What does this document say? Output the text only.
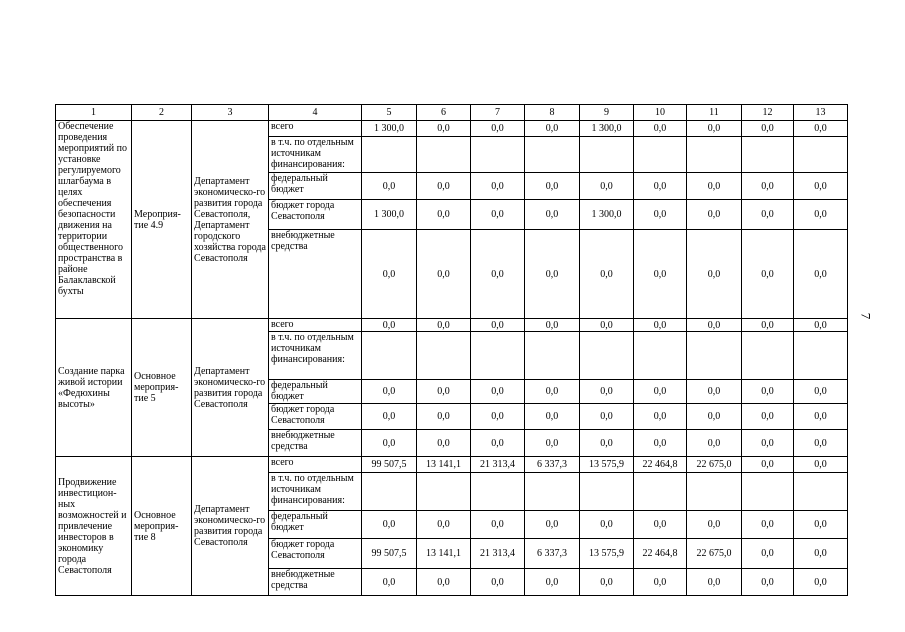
7
1	2	3	4	5	6	7	8	9	10	11	12	13
Обеспечение проведения мероприятий по установке регулируемого шлагбаума в целях обеспечения безопасности движения на территории общественного пространства в районе Балаклавской бухты	Мероприя-тие 4.9	Департамент экономическо-го развития города Севастополя, Департамент городского хозяйства города Севастополя	всего	1 300,0	0,0	0,0	0,0	1 300,0	0,0	0,0	0,0	0,0
			в т.ч. по отдельным источникам финансирования:									
			федеральный бюджет	0,0	0,0	0,0	0,0	0,0	0,0	0,0	0,0	0,0
			бюджет города Севастополя	1 300,0	0,0	0,0	0,0	1 300,0	0,0	0,0	0,0	0,0
			внебюджетные средства	0,0	0,0	0,0	0,0	0,0	0,0	0,0	0,0	0,0
Создание парка живой истории «Федюхины высоты»	Основное мероприя-тие 5	Департамент экономическо-го развития города Севастополя	всего	0,0	0,0	0,0	0,0	0,0	0,0	0,0	0,0	0,0
			в т.ч. по отдельным источникам финансирования:									
			федеральный бюджет	0,0	0,0	0,0	0,0	0,0	0,0	0,0	0,0	0,0
			бюджет города Севастополя	0,0	0,0	0,0	0,0	0,0	0,0	0,0	0,0	0,0
			внебюджетные средства	0,0	0,0	0,0	0,0	0,0	0,0	0,0	0,0	0,0
Продвижение инвестицион-ных возможностей и привлечение инвесторов в экономику города Севастополя	Основное мероприя-тие 8	Департамент экономическо-го развития города Севастополя	всего	99 507,5	13 141,1	21 313,4	6 337,3	13 575,9	22 464,8	22 675,0	0,0	0,0
			в т.ч. по отдельным источникам финансирования:									
			федеральный бюджет	0,0	0,0	0,0	0,0	0,0	0,0	0,0	0,0	0,0
			бюджет города Севастополя	99 507,5	13 141,1	21 313,4	6 337,3	13 575,9	22 464,8	22 675,0	0,0	0,0
			внебюджетные средства	0,0	0,0	0,0	0,0	0,0	0,0	0,0	0,0	0,0
